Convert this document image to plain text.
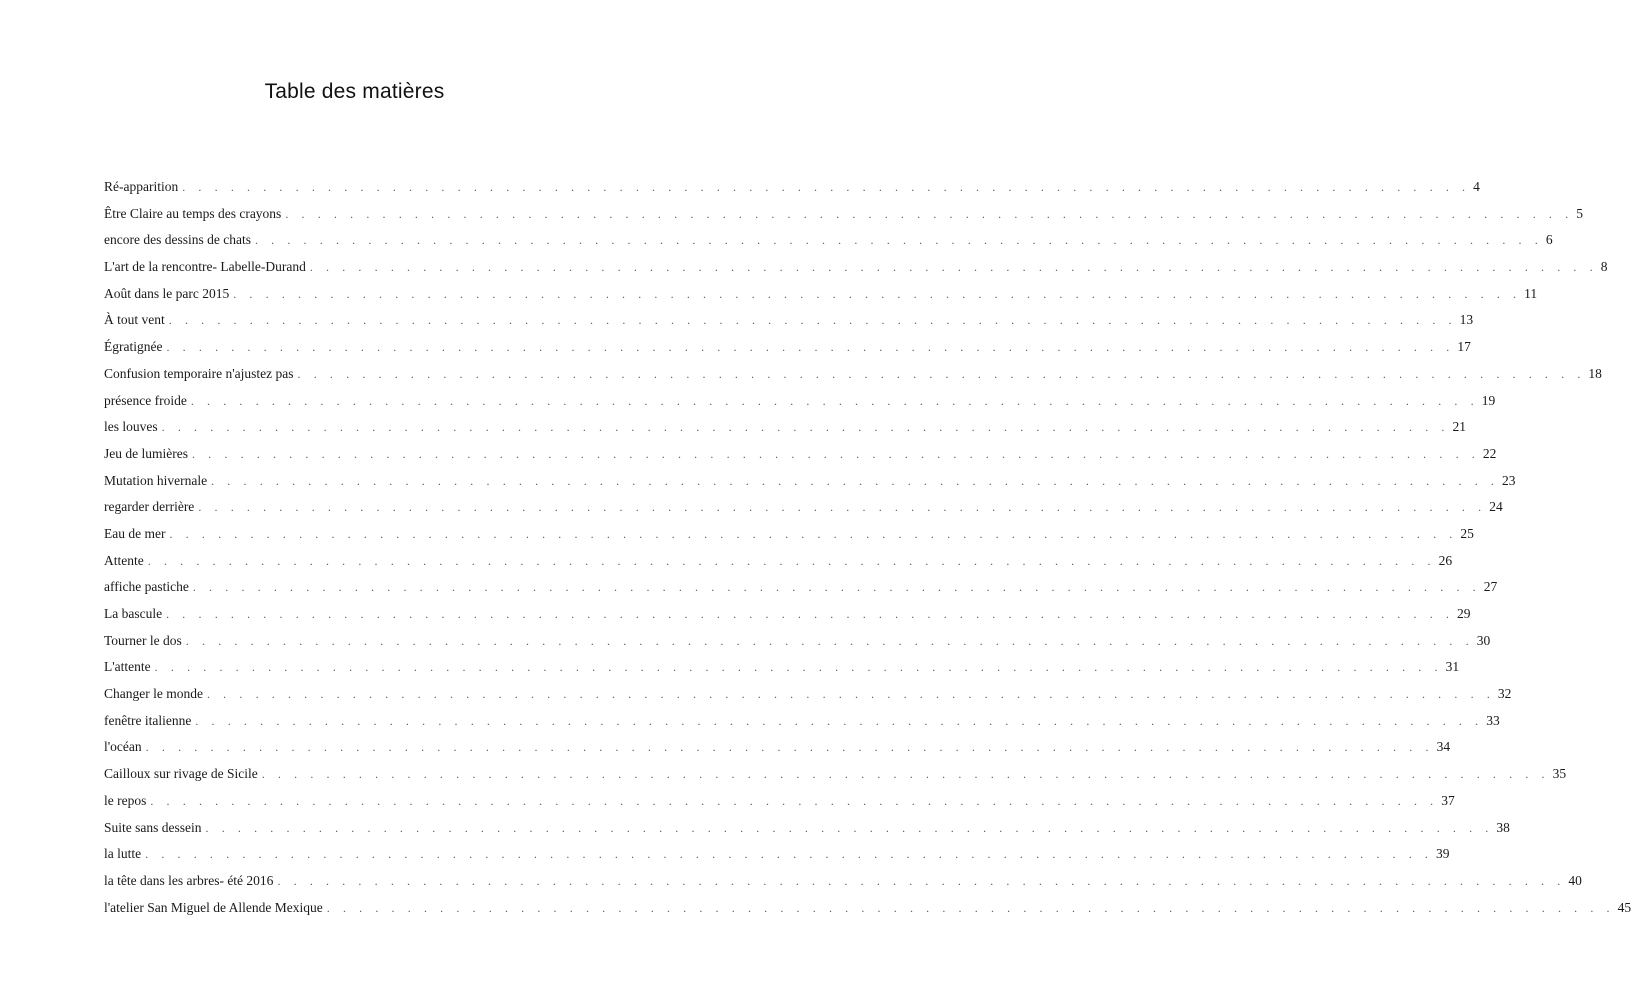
Table des matières
Ré-apparition . . . . . . . . . . . . . . . . . . . . . . . . . . . . . . . . . . . . . . . . . . . . . . . . . . . . . . . . . . . . . . . . . . . . . . . . . . . . . . . . 4
Être Claire au temps des crayons . . . . . . . . . . . . . . . . . . . . . . . . . . . . . . . . . . . . . . . . . . . . . . . . . . . . . . . . . . . . . . . . . . . . . . . . . . . . . . . . 5
encore des dessins de chats . . . . . . . . . . . . . . . . . . . . . . . . . . . . . . . . . . . . . . . . . . . . . . . . . . . . . . . . . . . . . . . . . . . . . . . . . . . . . . . . 6
L'art de la rencontre- Labelle-Durand . . . . . . . . . . . . . . . . . . . . . . . . . . . . . . . . . . . . . . . . . . . . . . . . . . . . . . . . . . . . . . . . . . . . . . . . . . . . . . . . 8
Août dans le parc 2015 . . . . . . . . . . . . . . . . . . . . . . . . . . . . . . . . . . . . . . . . . . . . . . . . . . . . . . . . . . . . . . . . . . . . . . . . . . . . . . . . 11
À tout vent . . . . . . . . . . . . . . . . . . . . . . . . . . . . . . . . . . . . . . . . . . . . . . . . . . . . . . . . . . . . . . . . . . . . . . . . . . . . . . . . 13
Égratignée . . . . . . . . . . . . . . . . . . . . . . . . . . . . . . . . . . . . . . . . . . . . . . . . . . . . . . . . . . . . . . . . . . . . . . . . . . . . . . . . 17
Confusion temporaire n'ajustez pas . . . . . . . . . . . . . . . . . . . . . . . . . . . . . . . . . . . . . . . . . . . . . . . . . . . . . . . . . . . . . . . . . . . . . . . . . . . . . . . . 18
présence froide . . . . . . . . . . . . . . . . . . . . . . . . . . . . . . . . . . . . . . . . . . . . . . . . . . . . . . . . . . . . . . . . . . . . . . . . . . . . . . . . 19
les louves . . . . . . . . . . . . . . . . . . . . . . . . . . . . . . . . . . . . . . . . . . . . . . . . . . . . . . . . . . . . . . . . . . . . . . . . . . . . . . . . 21
Jeu de lumières . . . . . . . . . . . . . . . . . . . . . . . . . . . . . . . . . . . . . . . . . . . . . . . . . . . . . . . . . . . . . . . . . . . . . . . . . . . . . . . . 22
Mutation hivernale . . . . . . . . . . . . . . . . . . . . . . . . . . . . . . . . . . . . . . . . . . . . . . . . . . . . . . . . . . . . . . . . . . . . . . . . . . . . . . . . 23
regarder derrière . . . . . . . . . . . . . . . . . . . . . . . . . . . . . . . . . . . . . . . . . . . . . . . . . . . . . . . . . . . . . . . . . . . . . . . . . . . . . . . . 24
Eau de mer . . . . . . . . . . . . . . . . . . . . . . . . . . . . . . . . . . . . . . . . . . . . . . . . . . . . . . . . . . . . . . . . . . . . . . . . . . . . . . . . 25
Attente . . . . . . . . . . . . . . . . . . . . . . . . . . . . . . . . . . . . . . . . . . . . . . . . . . . . . . . . . . . . . . . . . . . . . . . . . . . . . . . . 26
affiche pastiche . . . . . . . . . . . . . . . . . . . . . . . . . . . . . . . . . . . . . . . . . . . . . . . . . . . . . . . . . . . . . . . . . . . . . . . . . . . . . . . . 27
La bascule . . . . . . . . . . . . . . . . . . . . . . . . . . . . . . . . . . . . . . . . . . . . . . . . . . . . . . . . . . . . . . . . . . . . . . . . . . . . . . . . 29
Tourner le dos . . . . . . . . . . . . . . . . . . . . . . . . . . . . . . . . . . . . . . . . . . . . . . . . . . . . . . . . . . . . . . . . . . . . . . . . . . . . . . . . 30
L'attente . . . . . . . . . . . . . . . . . . . . . . . . . . . . . . . . . . . . . . . . . . . . . . . . . . . . . . . . . . . . . . . . . . . . . . . . . . . . . . . . 31
Changer le monde . . . . . . . . . . . . . . . . . . . . . . . . . . . . . . . . . . . . . . . . . . . . . . . . . . . . . . . . . . . . . . . . . . . . . . . . . . . . . . . . 32
fenêtre italienne . . . . . . . . . . . . . . . . . . . . . . . . . . . . . . . . . . . . . . . . . . . . . . . . . . . . . . . . . . . . . . . . . . . . . . . . . . . . . . . . 33
l'océan . . . . . . . . . . . . . . . . . . . . . . . . . . . . . . . . . . . . . . . . . . . . . . . . . . . . . . . . . . . . . . . . . . . . . . . . . . . . . . . . 34
Cailloux sur rivage de Sicile . . . . . . . . . . . . . . . . . . . . . . . . . . . . . . . . . . . . . . . . . . . . . . . . . . . . . . . . . . . . . . . . . . . . . . . . . . . . . . . . 35
le repos . . . . . . . . . . . . . . . . . . . . . . . . . . . . . . . . . . . . . . . . . . . . . . . . . . . . . . . . . . . . . . . . . . . . . . . . . . . . . . . . 37
Suite sans dessein . . . . . . . . . . . . . . . . . . . . . . . . . . . . . . . . . . . . . . . . . . . . . . . . . . . . . . . . . . . . . . . . . . . . . . . . . . . . . . . . 38
la lutte . . . . . . . . . . . . . . . . . . . . . . . . . . . . . . . . . . . . . . . . . . . . . . . . . . . . . . . . . . . . . . . . . . . . . . . . . . . . . . . . 39
la tête dans les arbres- été 2016 . . . . . . . . . . . . . . . . . . . . . . . . . . . . . . . . . . . . . . . . . . . . . . . . . . . . . . . . . . . . . . . . . . . . . . . . . . . . . . . . 40
l'atelier San Miguel de Allende Mexique . . . . . . . . . . . . . . . . . . . . . . . . . . . . . . . . . . . . . . . . . . . . . . . . . . . . . . . . . . . . . . . . . . . . . . . . . . . . . . . . 45
